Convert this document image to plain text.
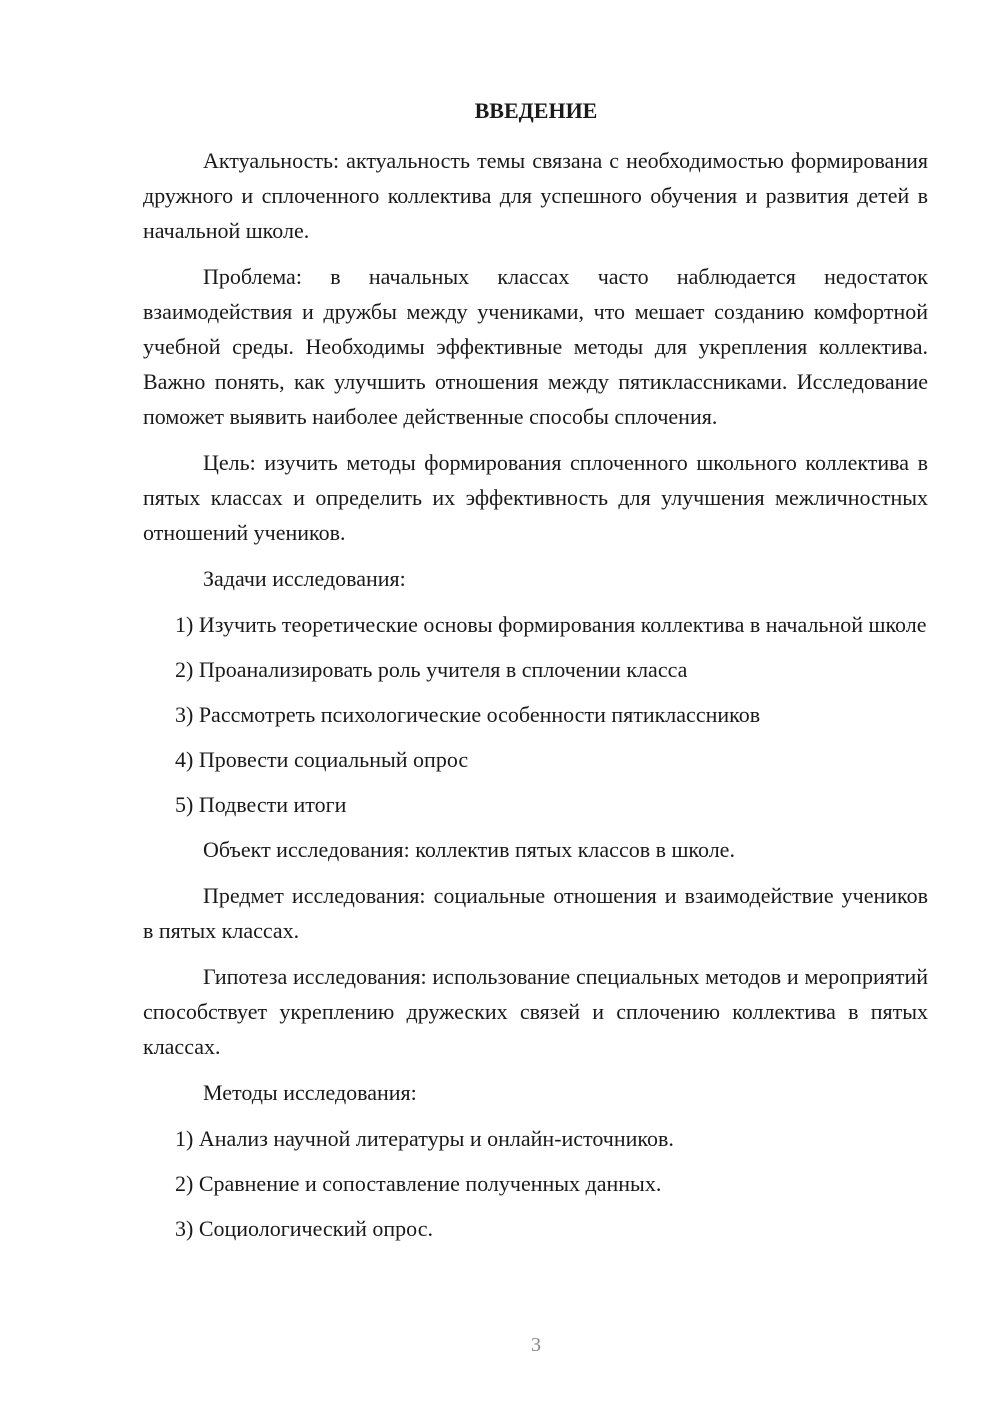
ВВЕДЕНИЕ

Актуальность: актуальность темы связана с необходимостью формирования дружного и сплоченного коллектива для успешного обучения и развития детей в начальной школе.

Проблема: в начальных классах часто наблюдается недостаток взаимодействия и дружбы между учениками, что мешает созданию комфортной учебной среды. Необходимы эффективные методы для укрепления коллектива. Важно понять, как улучшить отношения между пятиклассниками. Исследование поможет выявить наиболее действенные способы сплочения.

Цель: изучить методы формирования сплоченного школьного коллектива в пятых классах и определить их эффективность для улучшения межличностных отношений учеников.

Задачи исследования:

1) Изучить теоретические основы формирования коллектива в начальной школе

2) Проанализировать роль учителя в сплочении класса

3) Рассмотреть психологические особенности пятиклассников

4) Провести социальный опрос

5) Подвести итоги

Объект исследования: коллектив пятых классов в школе.

Предмет исследования: социальные отношения и взаимодействие учеников в пятых классах.

Гипотеза исследования: использование специальных методов и мероприятий способствует укреплению дружеских связей и сплочению коллектива в пятых классах.

Методы исследования:

1) Анализ научной литературы и онлайн-источников.

2) Сравнение и сопоставление полученных данных.

3) Социологический опрос.

3
